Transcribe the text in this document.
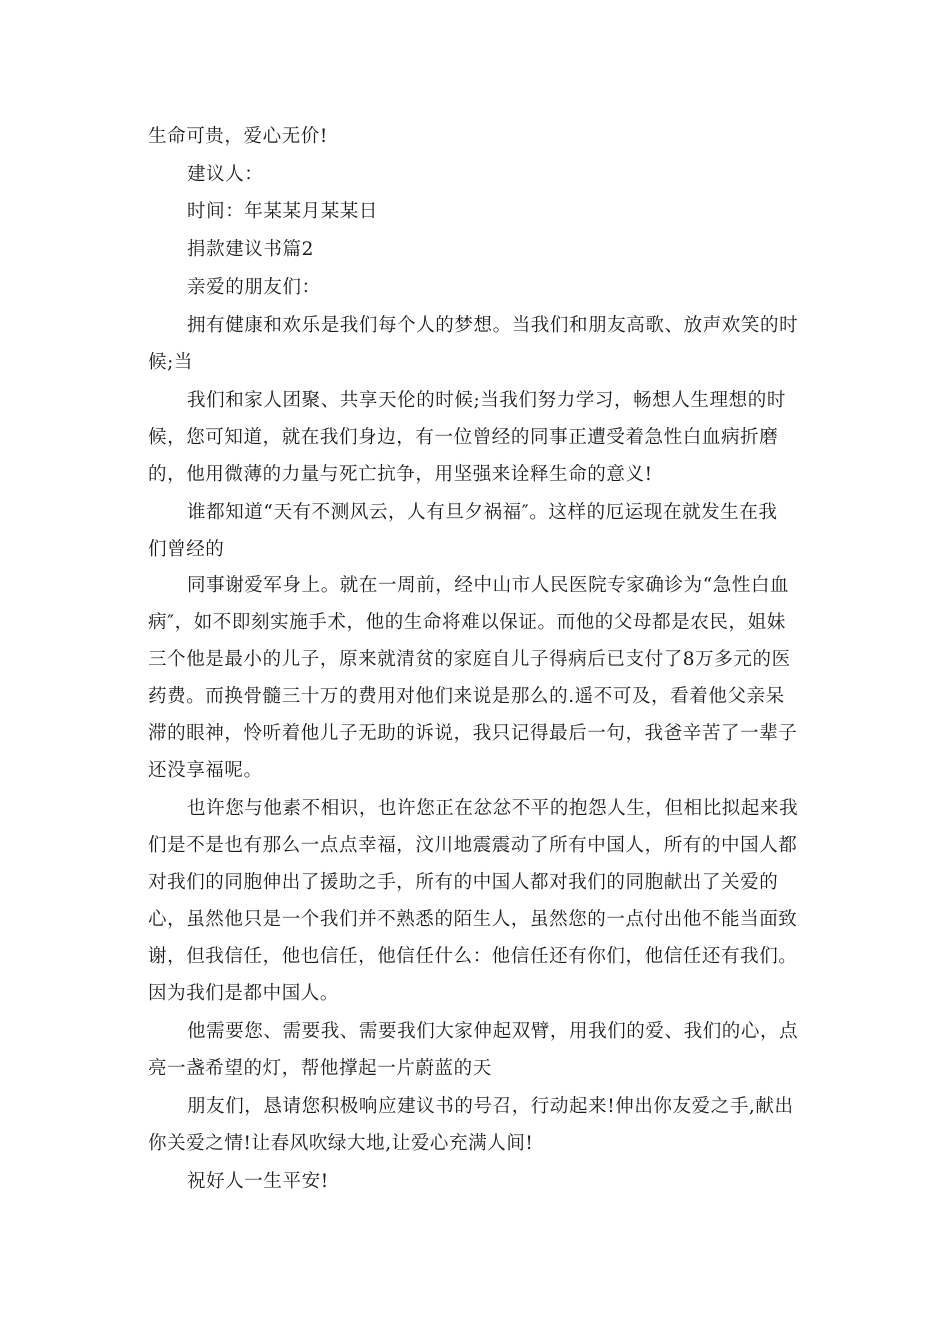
生命可贵，爱心无价!
建议人：
时间：年某某月某某日
捐款建议书篇2
亲爱的朋友们：
拥有健康和欢乐是我们每个人的梦想。当我们和朋友高歌、放声欢笑的时
候;当
我们和家人团聚、共享天伦的时候;当我们努力学习，畅想人生理想的时
候，您可知道，就在我们身边，有一位曾经的同事正遭受着急性白血病折磨
的，他用微薄的力量与死亡抗争，用坚强来诠释生命的意义!
谁都知道“天有不测风云，人有旦夕祸福″。这样的厄运现在就发生在我
们曾经的
同事谢爱军身上。就在一周前，经中山市人民医院专家确诊为“急性白血
病″，如不即刻实施手术，他的生命将难以保证。而他的父母都是农民，姐妹
三个他是最小的儿子，原来就清贫的家庭自儿子得病后已支付了8万多元的医
药费。而换骨髓三十万的费用对他们来说是那么的.遥不可及，看着他父亲呆
滞的眼神，怜听着他儿子无助的诉说，我只记得最后一句，我爸辛苦了一辈子
还没享福呢。
也许您与他素不相识，也许您正在忿忿不平的抱怨人生，但相比拟起来我
们是不是也有那么一点点幸福，汶川地震震动了所有中国人，所有的中国人都
对我们的同胞伸出了援助之手，所有的中国人都对我们的同胞献出了关爱的
心，虽然他只是一个我们并不熟悉的陌生人，虽然您的一点付出他不能当面致
谢，但我信任，他也信任，他信任什么：他信任还有你们，他信任还有我们。
因为我们是都中国人。
他需要您、需要我、需要我们大家伸起双臂，用我们的爱、我们的心，点
亮一盏希望的灯，帮他撑起一片蔚蓝的天
朋友们，恳请您积极响应建议书的号召，行动起来!伸出你友爱之手,献出
你关爱之情!让春风吹绿大地,让爱心充满人间!
祝好人一生平安!
